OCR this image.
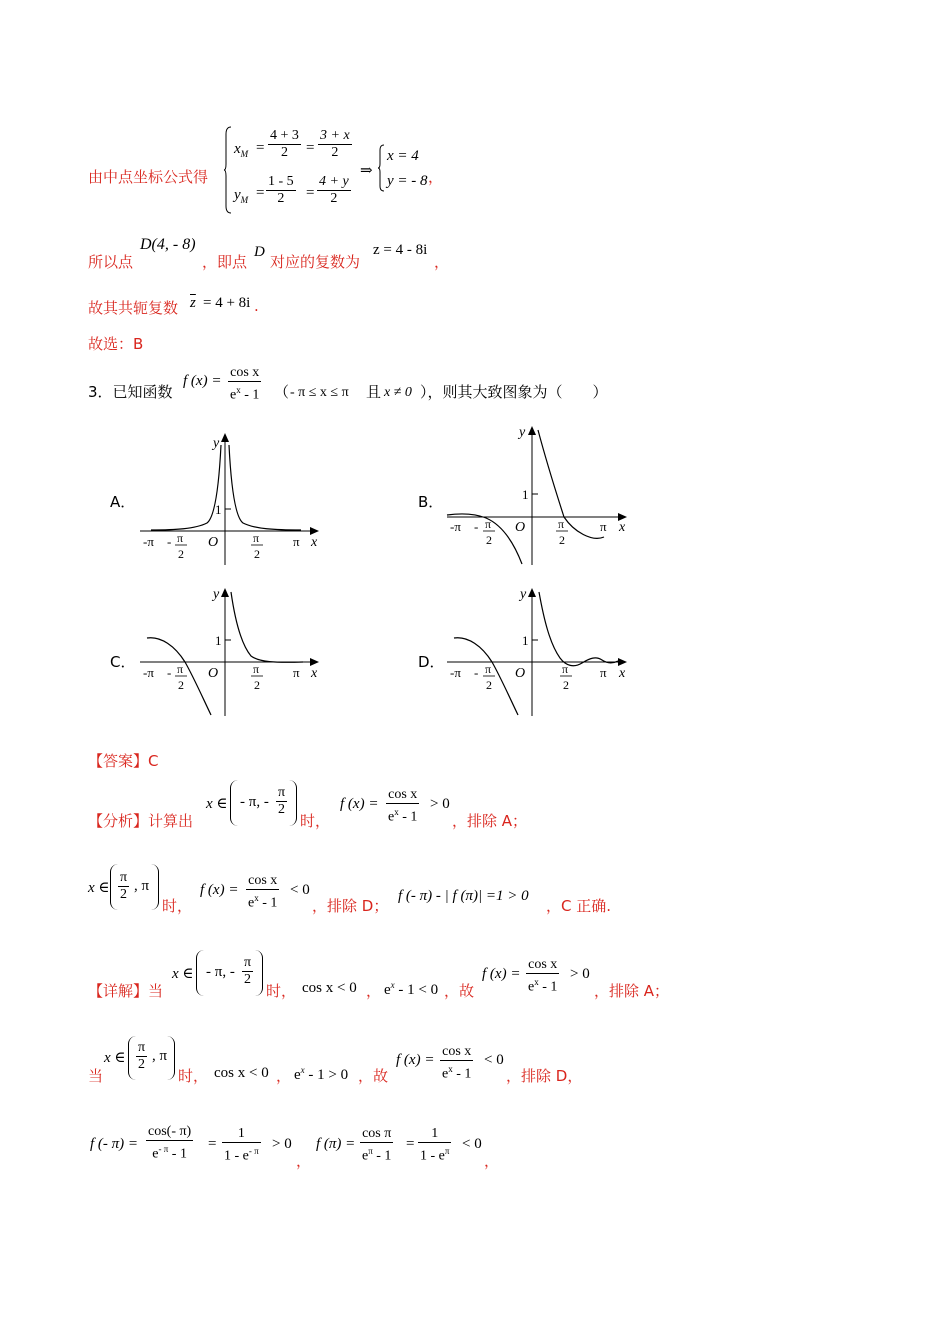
由中点坐标公式得
$x_M = \frac{4 + 3}{2} = \frac{3 + x}{2}$
$y_M = \frac{1 - 5}{2} = \frac{4 + y}{2}$
⇒
x = 4
y = - 8 ，
所以点
D(4, - 8)
，即点
D
对应的复数为
z = 4 - 8i
，
故其共轭复数 $\overline{z} = 4 + 8i$ .
故选：B
3．已知函数
f $(x) = \frac{\text{cos x}}{e^x - 1}$ （ - π ≤ x ≤ π 且 x ≠ 0 ），则其大致图象为（　　）
A．	B．
C．	D．
y
x
1
O
-π	π
- π
2
π
2
y
x
1
O
-π	π
- π
2
π
2
y
x
1
O
-π	π
- π
2
π
2
y
x
1
O
-π	π
- π
2
π
2
【答案】C
【分析】计算出
x ∈ - π, - $\frac{\pi}{2}$
时，
f $(x) = \frac{\text{cos x}}{e^x - 1} > 0$
，排除 A；
x ∈ $\frac{\pi}{2}$ , π
时，
f $(x) = \frac{\text{cos x}}{e^x - 1} < 0$
，排除 D；
f (- π) - | f (π)| =1 > 0
，C 正确.
【详解】当
x ∈ - π, - $\frac{\pi}{2}$
时， cos x < 0 ， $e^x - 1 < 0$ ，故
f $(x) = \frac{\text{cos x}}{e^x - 1} > 0$
，排除 A；
当
x ∈ $\frac{\pi}{2}$ , π
时， cos x < 0 ， $e^x - 1 > 0$ ，故
f $(x) = \frac{\text{cos x}}{e^x - 1} < 0$
，排除 D，
f (- $\pi) = \frac{\cos(- \pi)}{e^{- \pi} - 1} = \frac{1}{1 - e^{- \pi}} > 0$
，
f $(\pi) = \frac{\text{cos π}}{e^\pi - 1} = \frac{1}{1 - e^\pi} < 0$
，
